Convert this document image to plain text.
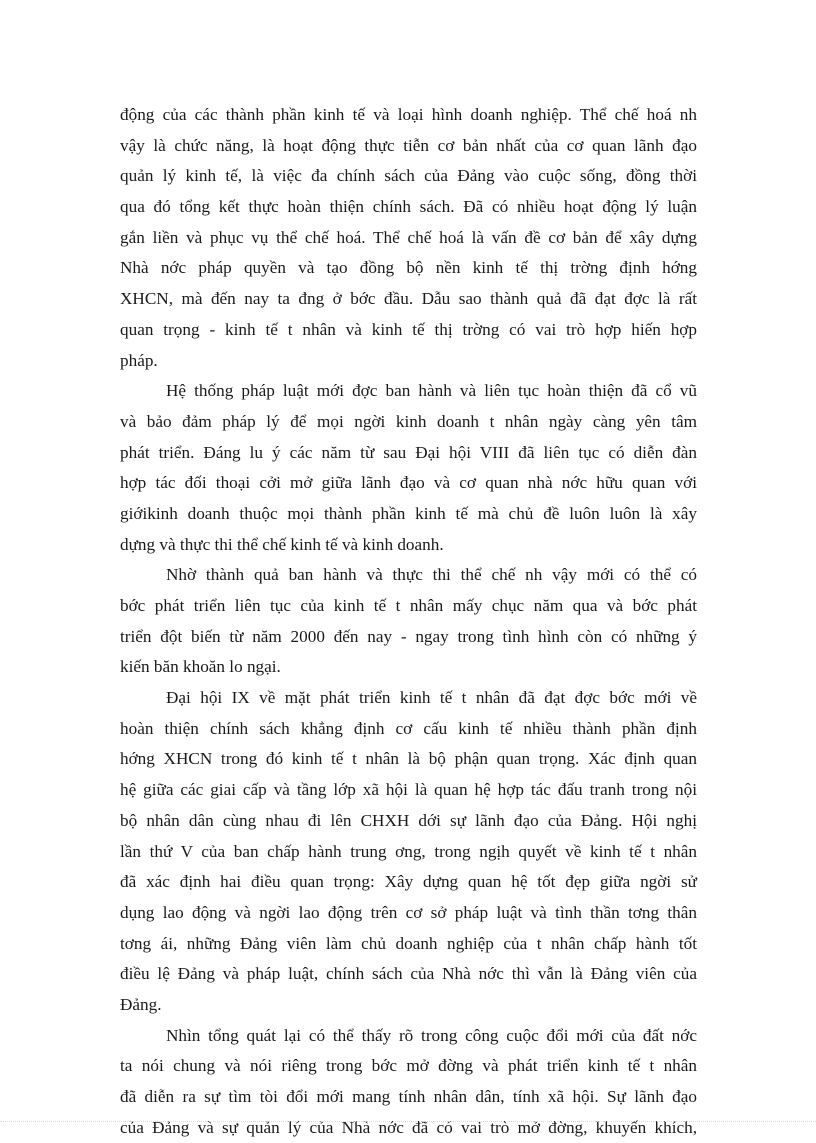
động của các thành phần kinh tế và loại hình doanh nghiệp. Thể chế hoá nh
vậy là chức năng, là hoạt động thực tiễn cơ bản nhất của cơ quan lãnh đạo
quản lý kinh tế, là việc đa chính sách của Đảng vào cuộc sống, đồng thời
qua đó tổng kết thực hoàn thiện chính sách. Đã có nhiều hoạt động lý luận
gắn liền và phục vụ thể chế hoá. Thể chế hoá là vấn đề cơ bản để xây dựng
Nhà nớc pháp quyền và tạo đồng bộ nền kinh tế thị trờng định hớng
XHCN, mà đến nay ta đng ở bớc đầu. Dẫu sao thành quả đã đạt đợc là rất
quan trọng - kinh tế t nhân và kinh tế thị trờng có vai trò hợp hiến hợp
pháp.
Hệ thống pháp luật mới đợc ban hành và liên tục hoàn thiện đã cổ vũ
và bảo đảm pháp lý để mọi ngời kinh doanh t nhân ngày càng yên tâm
phát triển. Đáng lu ý các năm từ sau Đại hội VIII đã liên tục có diễn đàn
hợp tác đối thoại cởi mở giữa lãnh đạo và cơ quan nhà nớc hữu quan với
giớikinh doanh thuộc mọi thành phần kinh tế mà chủ đề luôn luôn là xây
dựng và thực thi thể chế kinh tế và kinh doanh.
Nhờ thành quả ban hành và thực thi thể chế nh vậy mới có thể có
bớc phát triển liên tục của kinh tế t nhân mấy chục năm qua và bớc phát
triển đột biến từ năm 2000 đến nay - ngay trong tình hình còn có những ý
kiến băn khoăn lo ngại.
Đại hội IX về mặt phát triển kinh tế t nhân đã đạt đợc bớc mới về
hoàn thiện chính sách khẳng định cơ cấu kinh tế nhiều thành phần định
hớng XHCN trong đó kinh tế t nhân là bộ phận quan trọng. Xác định quan
hệ giữa các giai cấp và tầng lớp xã hội là quan hệ hợp tác đấu tranh trong nội
bộ nhân dân cùng nhau đi lên CHXH dới sự lãnh đạo của Đảng. Hội nghị
lần thứ V của ban chấp hành trung ơng, trong ngịh quyết về kinh tế t nhân
đã xác định hai điều quan trọng: Xây dựng quan hệ tốt đẹp giữa ngời sử
dụng lao động và ngời lao động trên cơ sở pháp luật và tình thần tơng thân
tơng ái, những Đảng viên làm chủ doanh nghiệp của t nhân chấp hành tốt
điều lệ Đảng và pháp luật, chính sách của Nhà nớc thì vẫn là Đảng viên của
Đảng.
Nhìn tổng quát lại có thể thấy rõ trong công cuộc đổi mới của đất nớc
ta nói chung và nói riêng trong bớc mở đờng và phát triển kinh tế t nhân
đã diễn ra sự tìm tòi đổi mới mang tính nhân dân, tính xã hội. Sự lãnh đạo
của Đảng và sự quản lý của Nhà nớc đã có vai trò mở đờng, khuyến khích,
